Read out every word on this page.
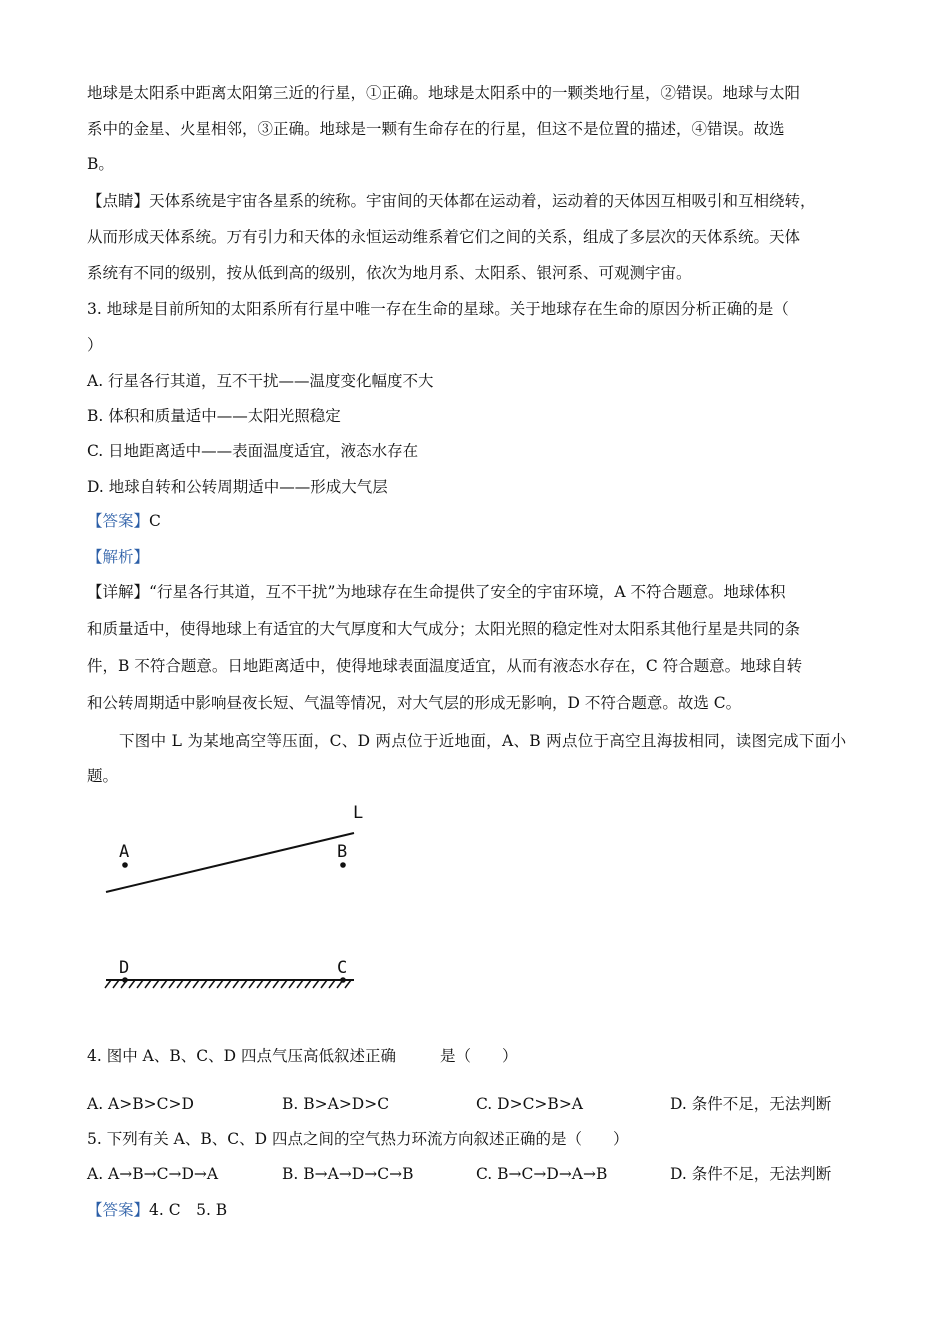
地球是太阳系中距离太阳第三近的行星，①正确。地球是太阳系中的一颗类地行星，②错误。地球与太阳
系中的金星、火星相邻，③正确。地球是一颗有生命存在的行星，但这不是位置的描述，④错误。故选
B。
【点睛】天体系统是宇宙各星系的统称。宇宙间的天体都在运动着，运动着的天体因互相吸引和互相绕转，
从而形成天体系统。万有引力和天体的永恒运动维系着它们之间的关系，组成了多层次的天体系统。天体
系统有不同的级别，按从低到高的级别，依次为地月系、太阳系、银河系、可观测宇宙。
3. 地球是目前所知的太阳系所有行星中唯一存在生命的星球。关于地球存在生命的原因分析正确的是（
）
A. 行星各行其道，互不干扰——温度变化幅度不大
B. 体积和质量适中——太阳光照稳定
C. 日地距离适中——表面温度适宜，液态水存在
D. 地球自转和公转周期适中——形成大气层
【答案】C
【解析】
【详解】“行星各行其道，互不干扰”为地球存在生命提供了安全的宇宙环境，A 不符合题意。地球体积
和质量适中，使得地球上有适宜的大气厚度和大气成分；太阳光照的稳定性对太阳系其他行星是共同的条
件，B 不符合题意。日地距离适中，使得地球表面温度适宜，从而有液态水存在，C 符合题意。地球自转
和公转周期适中影响昼夜长短、气温等情况，对大气层的形成无影响，D 不符合题意。故选 C。
下图中 L 为某地高空等压面，C、D 两点位于近地面，A、B 两点位于高空且海拔相同，读图完成下面小
题。
L
A	B
D	C
4. 图中 A、B、C、D 四点气压高低叙述正确	是（　　）
A. A>B>C>D	B. B>A>D>C	C. D>C>B>A	D. 条件不足，无法判断
5. 下列有关 A、B、C、D 四点之间的空气热力环流方向叙述正确的是（　　）
A. A→B→C→D→A	B. B→A→D→C→B	C. B→C→D→A→B	D. 条件不足，无法判断
【答案】4. C　5. B
